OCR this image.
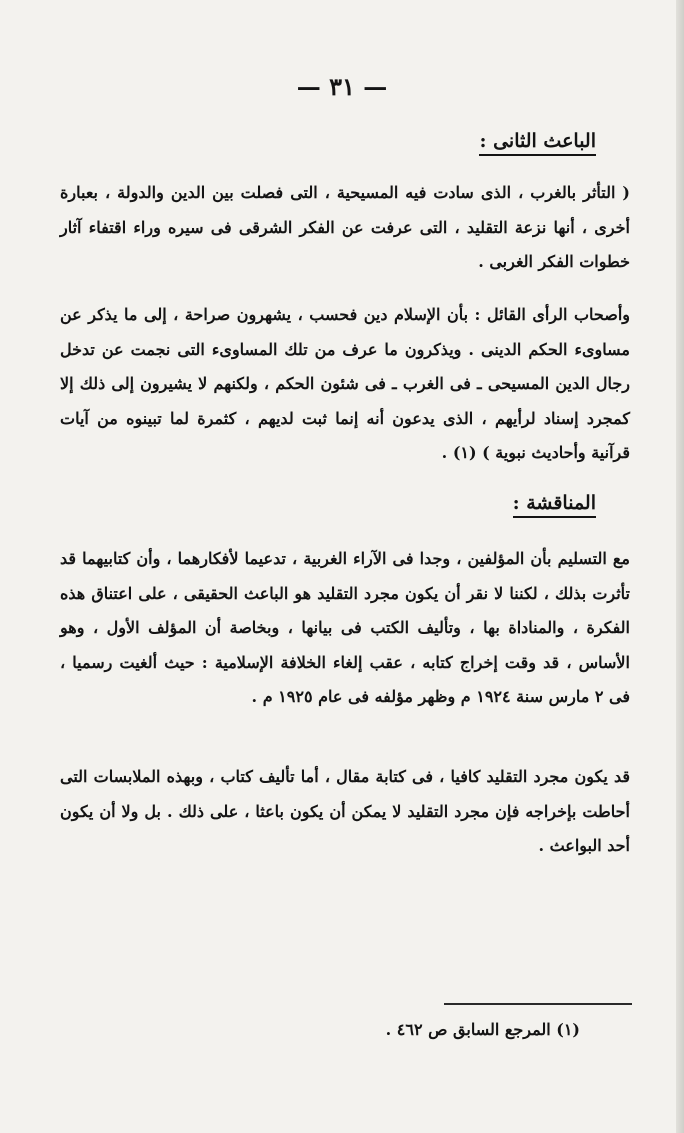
— ٣١ —
الباعث الثانى :

( التأثر بالغرب ، الذى سادت فيه المسيحية ، التى فصلت بين الدين والدولة ، بعبارة أخرى ، أنها نزعة التقليد ، التى عرفت عن الفكر الشرقى فى سيره وراء اقتفاء آثار خطوات الفكر الغربى .

وأصحاب الرأى القائل : بأن الإسلام دين فحسب ، يشهرون صراحة ، إلى ما يذكر عن مساوىء الحكم الدينى . ويذكرون ما عرف من تلك المساوىء التى نجمت عن تدخل رجال الدين المسيحى ـ فى الغرب ـ فى شئون الحكم ، ولكنهم لا يشيرون إلى ذلك إلا كمجرد إسناد لرأيهم ، الذى يدعون أنه إنما ثبت لديهم ، كثمرة لما تبينوه من آيات قرآنية وأحاديث نبوية ) (١) .

المناقشة :

مع التسليم بأن المؤلفين ، وجدا فى الآراء الغربية ، تدعيما لأفكارهما ، وأن كتابيهما قد تأثرت بذلك ، لكننا لا نقر أن يكون مجرد التقليد هو الباعث الحقيقى ، على اعتناق هذه الفكرة ، والمناداة بها ، وتأليف الكتب فى بيانها ، وبخاصة أن المؤلف الأول ، وهو الأساس ، قد وقت إخراج كتابه ، عقب إلغاء الخلافة الإسلامية : حيث ألغيت رسميا ، فى ٢ مارس سنة ١٩٢٤ م وظهر مؤلفه فى عام ١٩٢٥ م .

قد يكون مجرد التقليد كافيا ، فى كتابة مقال ، أما تأليف كتاب ، وبهذه الملابسات التى أحاطت بإخراجه فإن مجرد التقليد لا يمكن أن يكون باعثا ، على ذلك . بل ولا أن يكون أحد البواعث .

(١) المرجع السابق ص ٤٦٢ .
